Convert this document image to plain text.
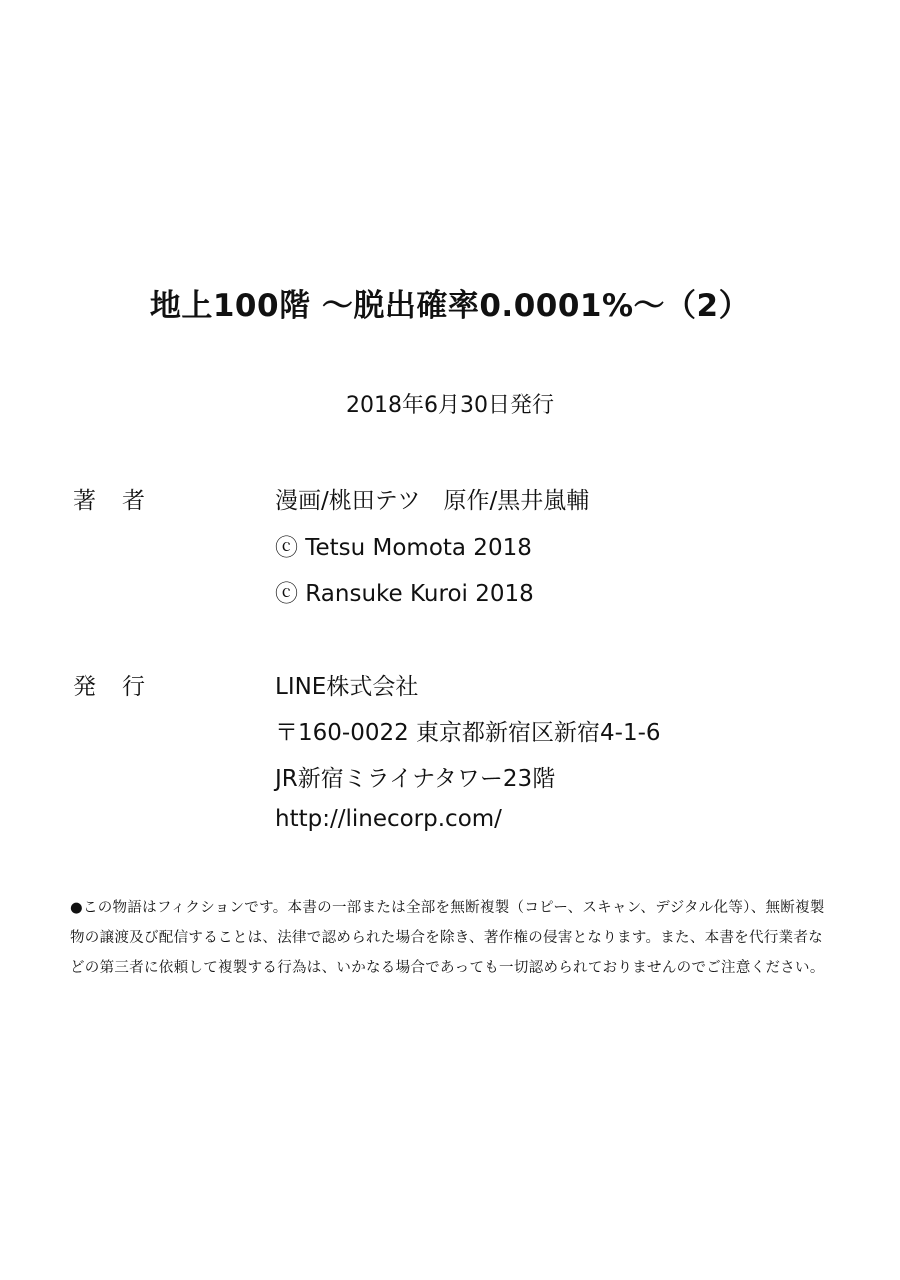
地上100階 ～脱出確率0.0001%～（2）
2018年6月30日発行
著者	漫画/桃田テツ　原作/黒井嵐輔
ⓒ Tetsu Momota 2018
ⓒ Ransuke Kuroi 2018
発行	LINE株式会社
〒160-0022 東京都新宿区新宿4-1-6
JR新宿ミライナタワー23階
http://linecorp.com/
●この物語はフィクションです。本書の一部または全部を無断複製（コピー、スキャン、デジタル化等）、無断複製物の譲渡及び配信することは、法律で認められた場合を除き、著作権の侵害となります。また、本書を代行業者などの第三者に依頼して複製する行為は、いかなる場合であっても一切認められておりませんのでご注意ください。
